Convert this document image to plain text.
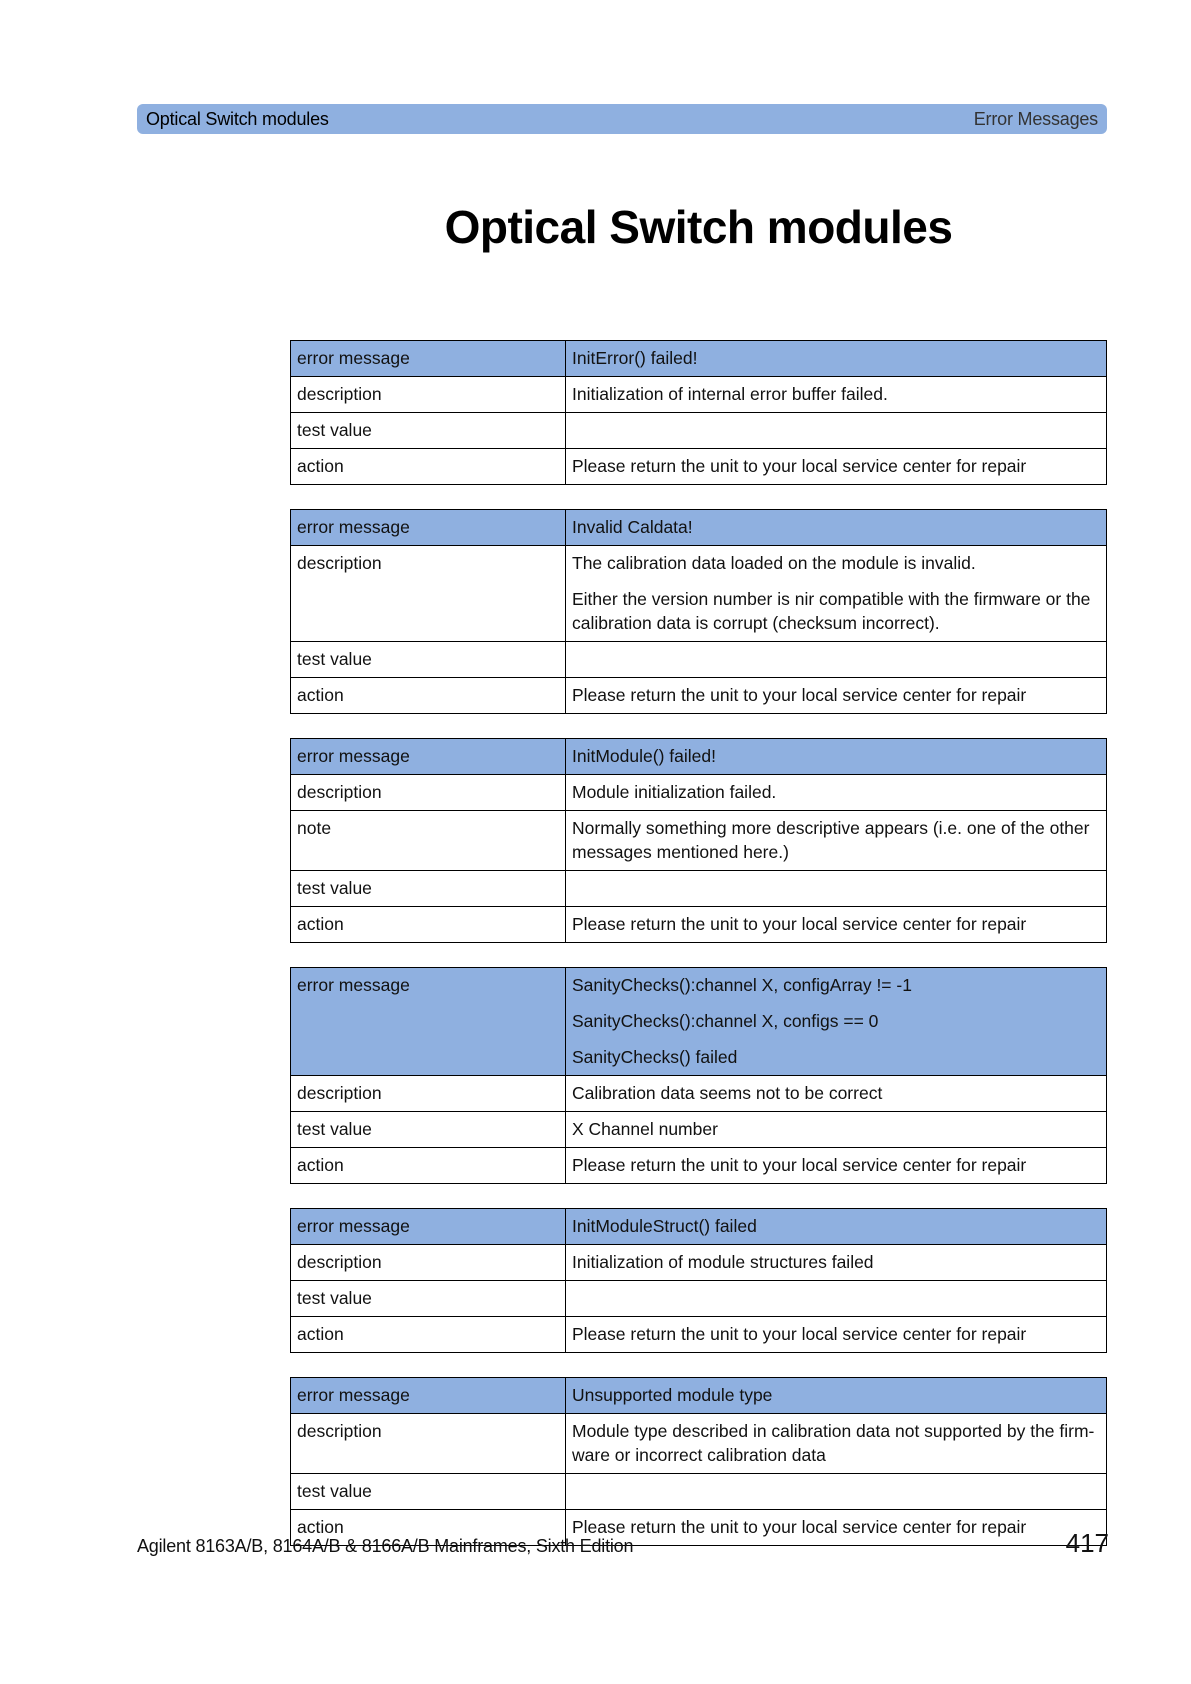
Optical Switch modules	Error Messages
Optical Switch modules
error message	InitError() failed!

description	Initialization of internal error buffer failed.

test value	
action	Please return the unit to your local service center for repair
error message	Invalid Caldata!

description	The calibration data loaded on the module is invalid.

Either the version number is nir compatible with the firmware or the calibration data is corrupt (checksum incorrect).

test value	
action	Please return the unit to your local service center for repair
error message	InitModule() failed!

description	Module initialization failed.

note	Normally something more descriptive appears (i.e. one of the other messages mentioned here.)
test value	
action	Please return the unit to your local service center for repair
error message	SanityChecks():channel X, configArray != -1

SanityChecks():channel X, configs == 0

SanityChecks() failed

description	Calibration data seems not to be correct

test value	X Channel number
action	Please return the unit to your local service center for repair
error message	InitModuleStruct() failed

description	Initialization of module structures failed

test value	
action	Please return the unit to your local service center for repair
error message	Unsupported module type

description	Module type described in calibration data not supported by the firm-ware or incorrect calibration data

test value	
action	Please return the unit to your local service center for repair
Agilent 8163A/B, 8164A/B & 8166A/B Mainframes, Sixth Edition	417
